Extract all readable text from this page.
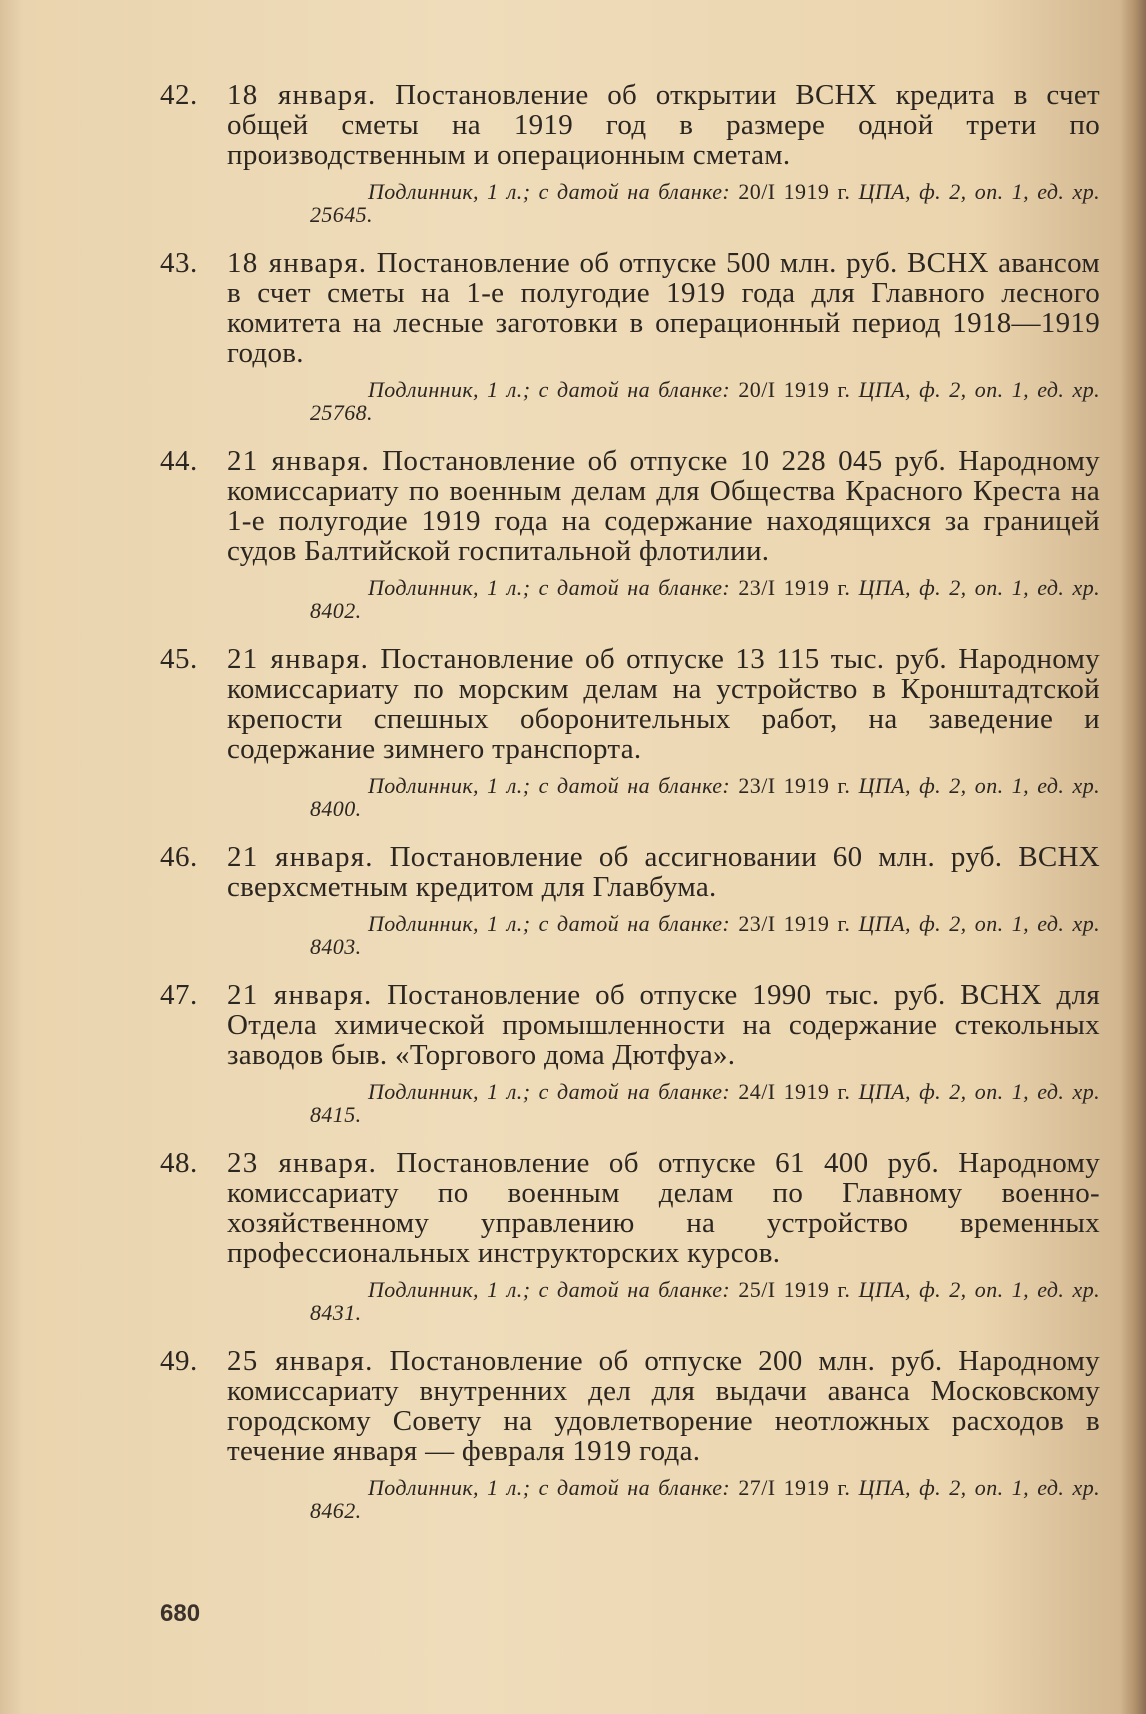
42. 18 января. Постановление об открытии ВСНХ кредита в счет общей сметы на 1919 год в размере одной трети по производственным и операционным сметам.
Подлинник, 1 л.; с датой на бланке: 20/I 1919 г. ЦПА, ф. 2, оп. 1, ед. хр. 25645.
43. 18 января. Постановление об отпуске 500 млн. руб. ВСНХ авансом в счет сметы на 1-е полугодие 1919 года для Главного лесного комитета на лесные заготовки в операционный период 1918—1919 годов.
Подлинник, 1 л.; с датой на бланке: 20/I 1919 г. ЦПА, ф. 2, оп. 1, ед. хр. 25768.
44. 21 января. Постановление об отпуске 10 228 045 руб. Народному комиссариату по военным делам для Общества Красного Креста на 1-е полугодие 1919 года на содержание находящихся за границей судов Балтийской госпитальной флотилии.
Подлинник, 1 л.; с датой на бланке: 23/I 1919 г. ЦПА, ф. 2, оп. 1, ед. хр. 8402.
45. 21 января. Постановление об отпуске 13 115 тыс. руб. Народному комиссариату по морским делам на устройство в Кронштадтской крепости спешных оборонительных работ, на заведение и содержание зимнего транспорта.
Подлинник, 1 л.; с датой на бланке: 23/I 1919 г. ЦПА, ф. 2, оп. 1, ед. хр. 8400.
46. 21 января. Постановление об ассигновании 60 млн. руб. ВСНХ сверхсметным кредитом для Главбума.
Подлинник, 1 л.; с датой на бланке: 23/I 1919 г. ЦПА, ф. 2, оп. 1, ед. хр. 8403.
47. 21 января. Постановление об отпуске 1990 тыс. руб. ВСНХ для Отдела химической промышленности на содержание стекольных заводов быв. «Торгового дома Дютфуа».
Подлинник, 1 л.; с датой на бланке: 24/I 1919 г. ЦПА, ф. 2, оп. 1, ед. хр. 8415.
48. 23 января. Постановление об отпуске 61 400 руб. Народному комиссариату по военным делам по Главному военно-хозяйственному управлению на устройство временных профессиональных инструкторских курсов.
Подлинник, 1 л.; с датой на бланке: 25/I 1919 г. ЦПА, ф. 2, оп. 1, ед. хр. 8431.
49. 25 января. Постановление об отпуске 200 млн. руб. Народному комиссариату внутренних дел для выдачи аванса Московскому городскому Совету на удовлетворение неотложных расходов в течение января — февраля 1919 года.
Подлинник, 1 л.; с датой на бланке: 27/I 1919 г. ЦПА, ф. 2, оп. 1, ед. хр. 8462.
680
